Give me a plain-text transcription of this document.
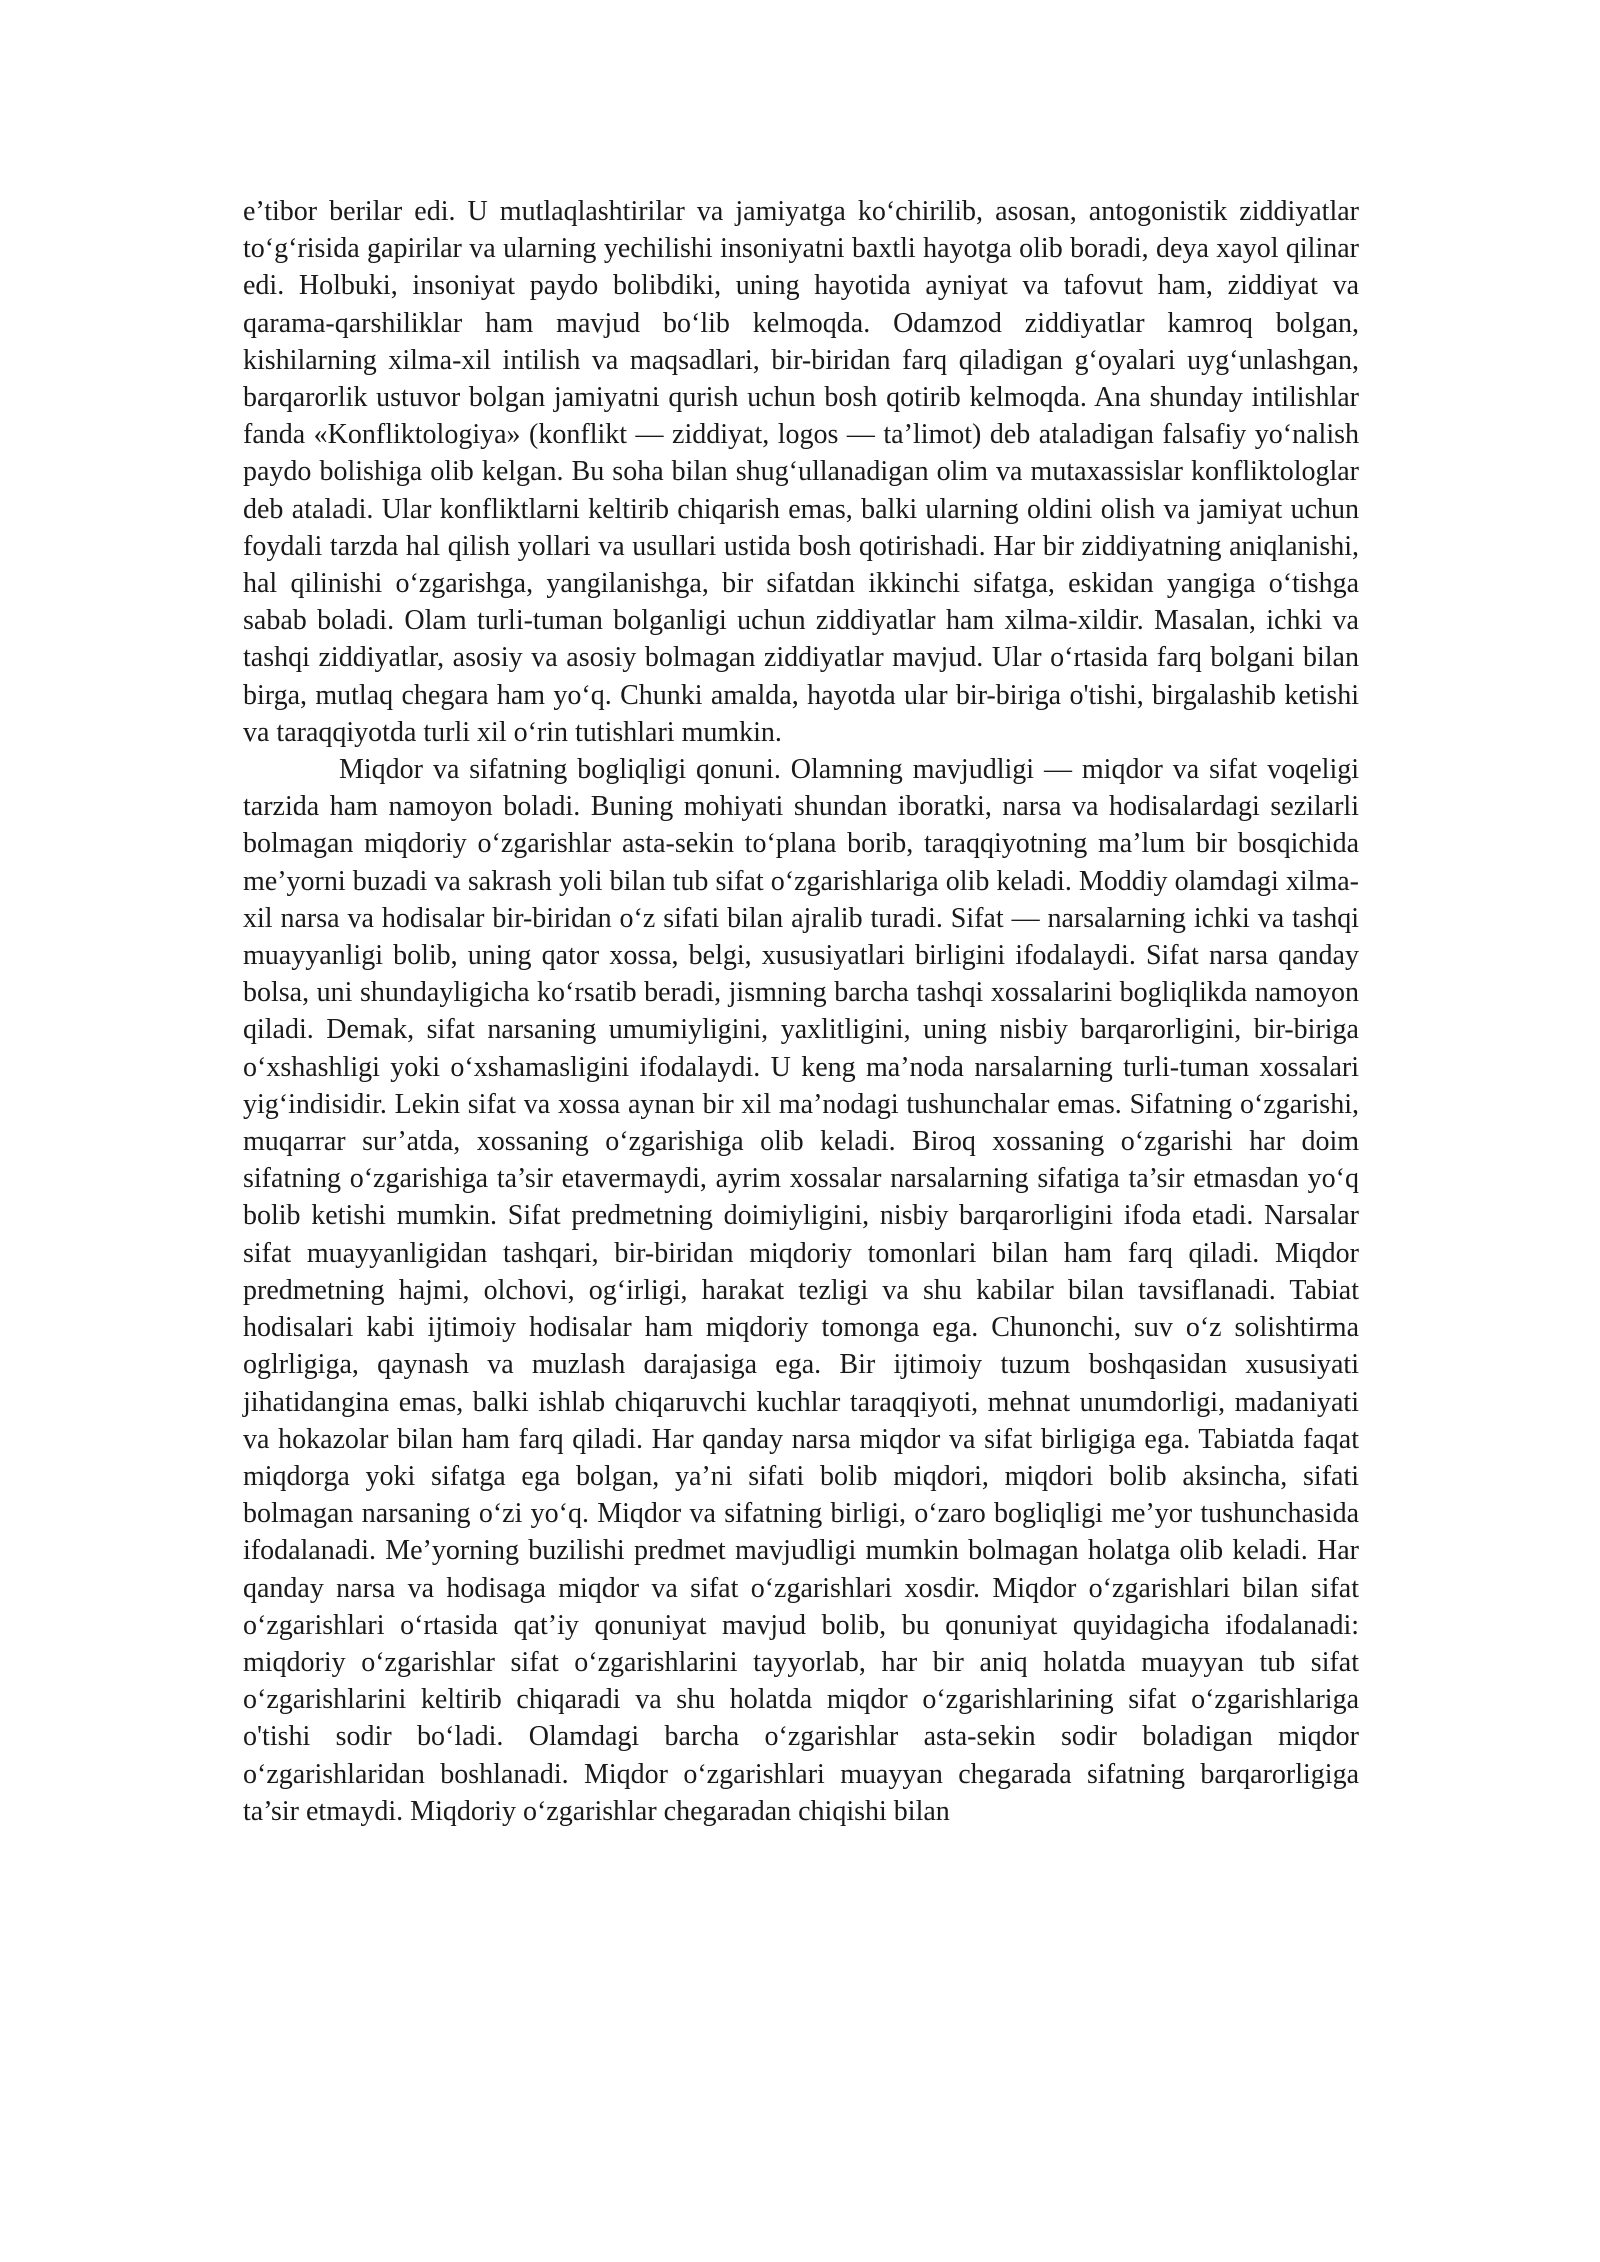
e’tibor berilar edi. U mutlaqlashtirilar va jamiyatga ko‘chirilib, asosan, antogonistik ziddiyatlar to‘g‘risida gapirilar va ularning yechilishi insoniyatni baxtli hayotga olib boradi, deya xayol qilinar edi. Holbuki, insoniyat paydo bolibdiki, uning hayotida ayniyat va tafovut ham, ziddiyat va qarama-qarshiliklar ham mavjud bo‘lib kelmoqda. Odamzod ziddiyatlar kamroq bolgan, kishilarning xilma-xil intilish va maqsadlari, bir-biridan farq qiladigan g‘oyalari uyg‘unlashgan, barqarorlik ustuvor bolgan jamiyatni qurish uchun bosh qotirib kelmoqda. Ana shunday intilishlar fanda «Konfliktologiya» (konflikt — ziddiyat, logos — ta’limot) deb ataladigan falsafiy yo‘nalish paydo bolishiga olib kelgan. Bu soha bilan shug‘ullanadigan olim va mutaxassislar konfliktologlar deb ataladi. Ular konfliktlarni keltirib chiqarish emas, balki ularning oldini olish va jamiyat uchun foydali tarzda hal qilish yollari va usullari ustida bosh qotirishadi. Har bir ziddiyatning aniqlanishi, hal qilinishi o‘zgarishga, yangilanishga, bir sifatdan ikkinchi sifatga, eskidan yangiga o‘tishga sabab boladi. Olam turli-tuman bolganligi uchun ziddiyatlar ham xilma-xildir. Masalan, ichki va tashqi ziddiyatlar, asosiy va asosiy bolmagan ziddiyatlar mavjud. Ular o‘rtasida farq bolgani bilan birga, mutlaq chegara ham yo‘q. Chunki amalda, hayotda ular bir-biriga o'tishi, birgalashib ketishi va taraqqiyotda turli xil o‘rin tutishlari mumkin.

Miqdor va sifatning bogliqligi qonuni. Olamning mavjudligi — miqdor va sifat voqeligi tarzida ham namoyon boladi. Buning mohiyati shundan iboratki, narsa va hodisalardagi sezilarli bolmagan miqdoriy o‘zgarishlar asta-sekin to‘plana borib, taraqqiyotning ma’lum bir bosqichida me’yorni buzadi va sakrash yoli bilan tub sifat o‘zgarishlariga olib keladi. Moddiy olamdagi xilma-xil narsa va hodisalar bir-biridan o‘z sifati bilan ajralib turadi. Sifat — narsalarning ichki va tashqi muayyanligi bolib, uning qator xossa, belgi, xususiyatlari birligini ifodalaydi. Sifat narsa qanday bolsa, uni shundayligicha ko‘rsatib beradi, jismning barcha tashqi xossalarini bogliqlikda namoyon qiladi. Demak, sifat narsaning umumiyligini, yaxlitligini, uning nisbiy barqarorligini, bir-biriga o‘xshashligi yoki o‘xshamasligini ifodalaydi. U keng ma’noda narsalarning turli-tuman xossalari yig‘indisidir. Lekin sifat va xossa aynan bir xil ma’nodagi tushunchalar emas. Sifatning o‘zgarishi, muqarrar sur’atda, xossaning o‘zgarishiga olib keladi. Biroq xossaning o‘zgarishi har doim sifatning o‘zgarishiga ta’sir etavermaydi, ayrim xossalar narsalarning sifatiga ta’sir etmasdan yo‘q bolib ketishi mumkin. Sifat predmetning doimiyligini, nisbiy barqarorligini ifoda etadi. Narsalar sifat muayyanligidan tashqari, bir-biridan miqdoriy tomonlari bilan ham farq qiladi. Miqdor predmetning hajmi, olchovi, og‘irligi, harakat tezligi va shu kabilar bilan tavsiflanadi. Tabiat hodisalari kabi ijtimoiy hodisalar ham miqdoriy tomonga ega. Chunonchi, suv o‘z solishtirma oglrligiga, qaynash va muzlash darajasiga ega. Bir ijtimoiy tuzum boshqasidan xususiyati jihatidangina emas, balki ishlab chiqaruvchi kuchlar taraqqiyoti, mehnat unumdorligi, madaniyati va hokazolar bilan ham farq qiladi. Har qanday narsa miqdor va sifat birligiga ega. Tabiatda faqat miqdorga yoki sifatga ega bolgan, ya’ni sifati bolib miqdori, miqdori bolib aksincha, sifati bolmagan narsaning o‘zi yo‘q. Miqdor va sifatning birligi, o‘zaro bogliqligi me’yor tushunchasida ifodalanadi. Me’yorning buzilishi predmet mavjudligi mumkin bolmagan holatga olib keladi. Har qanday narsa va hodisaga miqdor va sifat o‘zgarishlari xosdir. Miqdor o‘zgarishlari bilan sifat o‘zgarishlari o‘rtasida qat’iy qonuniyat mavjud bolib, bu qonuniyat quyidagicha ifodalanadi: miqdoriy o‘zgarishlar sifat o‘zgarishlarini tayyorlab, har bir aniq holatda muayyan tub sifat o‘zgarishlarini keltirib chiqaradi va shu holatda miqdor o‘zgarishlarining sifat o‘zgarishlariga o'tishi sodir bo‘ladi. Olamdagi barcha o‘zgarishlar asta-sekin sodir boladigan miqdor o‘zgarishlaridan boshlanadi. Miqdor o‘zgarishlari muayyan chegarada sifatning barqarorligiga ta’sir etmaydi. Miqdoriy o‘zgarishlar chegaradan chiqishi bilan
